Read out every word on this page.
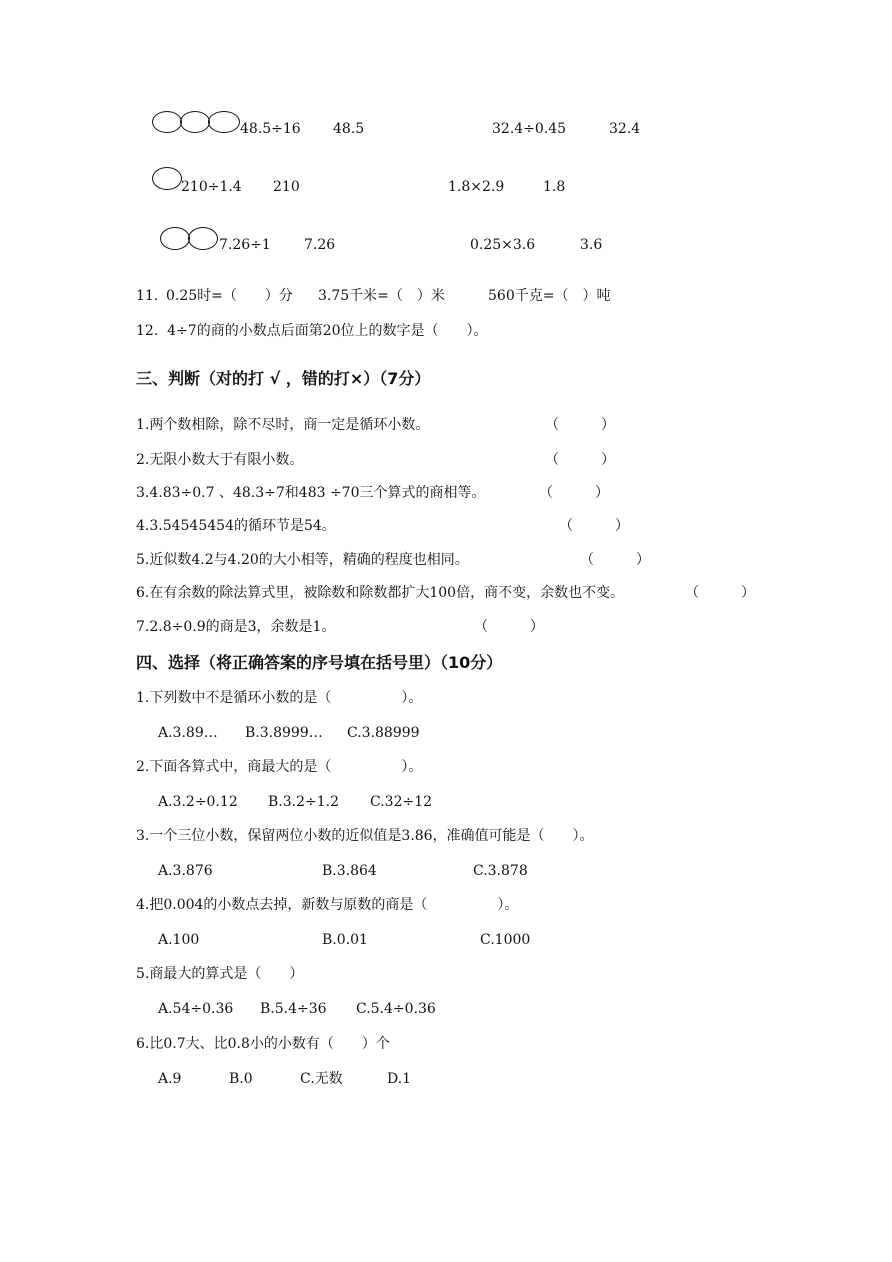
48.5÷16 48.5	32.4÷0.45	32.4
210÷1.4 210	1.8×2.9	1.8
7.26÷1 7.26	0.25×3.6	3.6
11. 0.25时=（　　）分 3.75千米=（　）米	560千克=（　）吨
12.  4÷7的商的小数点后面第20位上的数字是（　　）。
三、判断（对的打 √ ，错的打×）（7分）
1.两个数相除，除不尽时，商一定是循环小数。	（　　　）
2.无限小数大于有限小数。	（　　　）
3.4.83÷0.7 、48.3÷7和483 ÷70三个算式的商相等。	（　　　）
4.3.54545454的循环节是54。	（　　　）
5.近似数4.2与4.20的大小相等，精确的程度也相同。	（　　　）
6.在有余数的除法算式里，被除数和除数都扩大100倍，商不变，余数也不变。	（　　　）
7.2.8÷0.9的商是3，余数是1。	（　　　）
四、选择（将正确答案的序号填在括号里）（10分）
1.下列数中不是循环小数的是（　　　　　）。
A.3.89… B.3.8999… C.3.88999
2.下面各算式中，商最大的是（　　　　　）。
A.3.2÷0.12 B.3.2÷1.2 C.32÷12
3.一个三位小数，保留两位小数的近似值是3.86，准确值可能是（　　）。
A.3.876	B.3.864	C.3.878
4.把0.004的小数点去掉，新数与原数的商是（　　　　　）。
A.100	B.0.01	C.1000
5.商最大的算式是（　　）
A.54÷0.36 B.5.4÷36 C.5.4÷0.36
6.比0.7大、比0.8小的小数有（　　）个
A.9	B.0	C.无数	D.1
